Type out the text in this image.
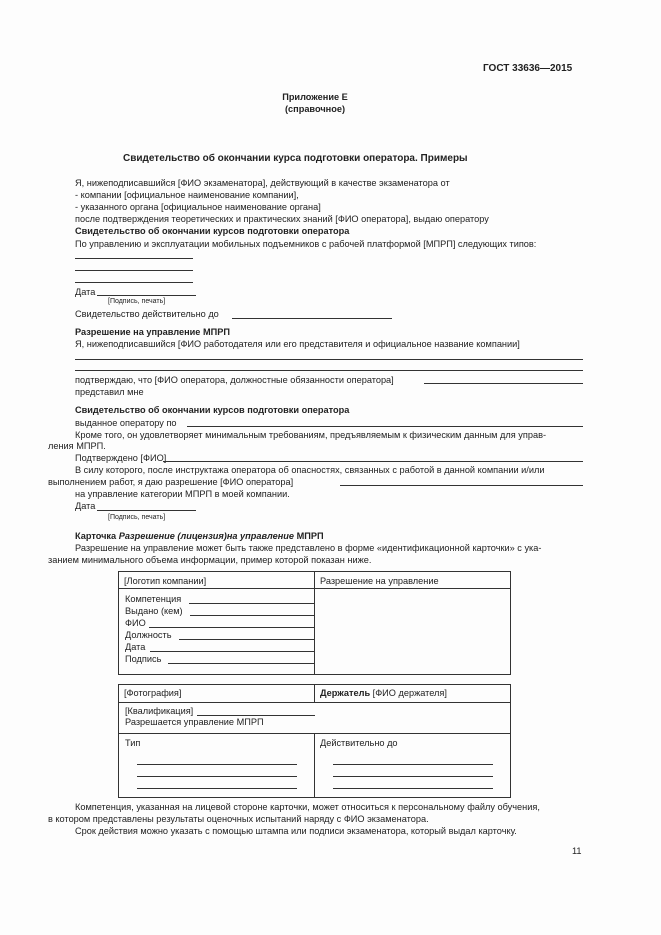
ГОСТ 33636—2015
Приложение Е
(справочное)
Свидетельство об окончании курса подготовки оператора. Примеры
Я, нижеподписавшийся [ФИО экзаменатора], действующий в качестве экзаменатора от
- компании [официальное наименование компании],
- указанного органа [официальное наименование органа]
после подтверждения теоретических и практических знаний [ФИО оператора], выдаю оператору
Свидетельство об окончании курсов подготовки оператора
По управлению и эксплуатации мобильных подъемников с рабочей платформой [МПРП] следующих типов:
Дата
[Подпись, печать]
Свидетельство действительно до
Разрешение на управление МПРП
Я, нижеподписавшийся [ФИО работодателя или его представителя и официальное название компании]
подтверждаю, что [ФИО оператора, должностные обязанности оператора]
представил мне
Свидетельство об окончании курсов подготовки оператора
выданное оператору по
Кроме того, он удовлетворяет минимальным требованиям, предъявляемым к физическим данным для управ-
ления МПРП.
Подтверждено [ФИО]
В силу которого, после инструктажа оператора об опасностях, связанных с работой в данной компании и/или
выполнением работ, я даю разрешение [ФИО оператора]
на управление категории МПРП в моей компании.
Дата
[Подпись, печать]
Карточка Разрешение (лицензия)на управление МПРП
Разрешение на управление может быть также представлено в форме «идентификационной карточки» с ука-
занием минимального объема информации, пример которой показан ниже.
[Логотип компании]	Разрешение на управление
Компетенция
Выдано (кем)
ФИО
Должность
Дата
Подпись
[Фотография]	Держатель [ФИО держателя]
[Квалификация]
Разрешается управление МПРП
Тип	Действительно до
Компетенция, указанная на лицевой стороне карточки, может относиться к персональному файлу обучения,
в котором представлены результаты оценочных испытаний наряду с ФИО экзаменатора.
Срок действия можно указать с помощью штампа или подписи экзаменатора, который выдал карточку.
11
